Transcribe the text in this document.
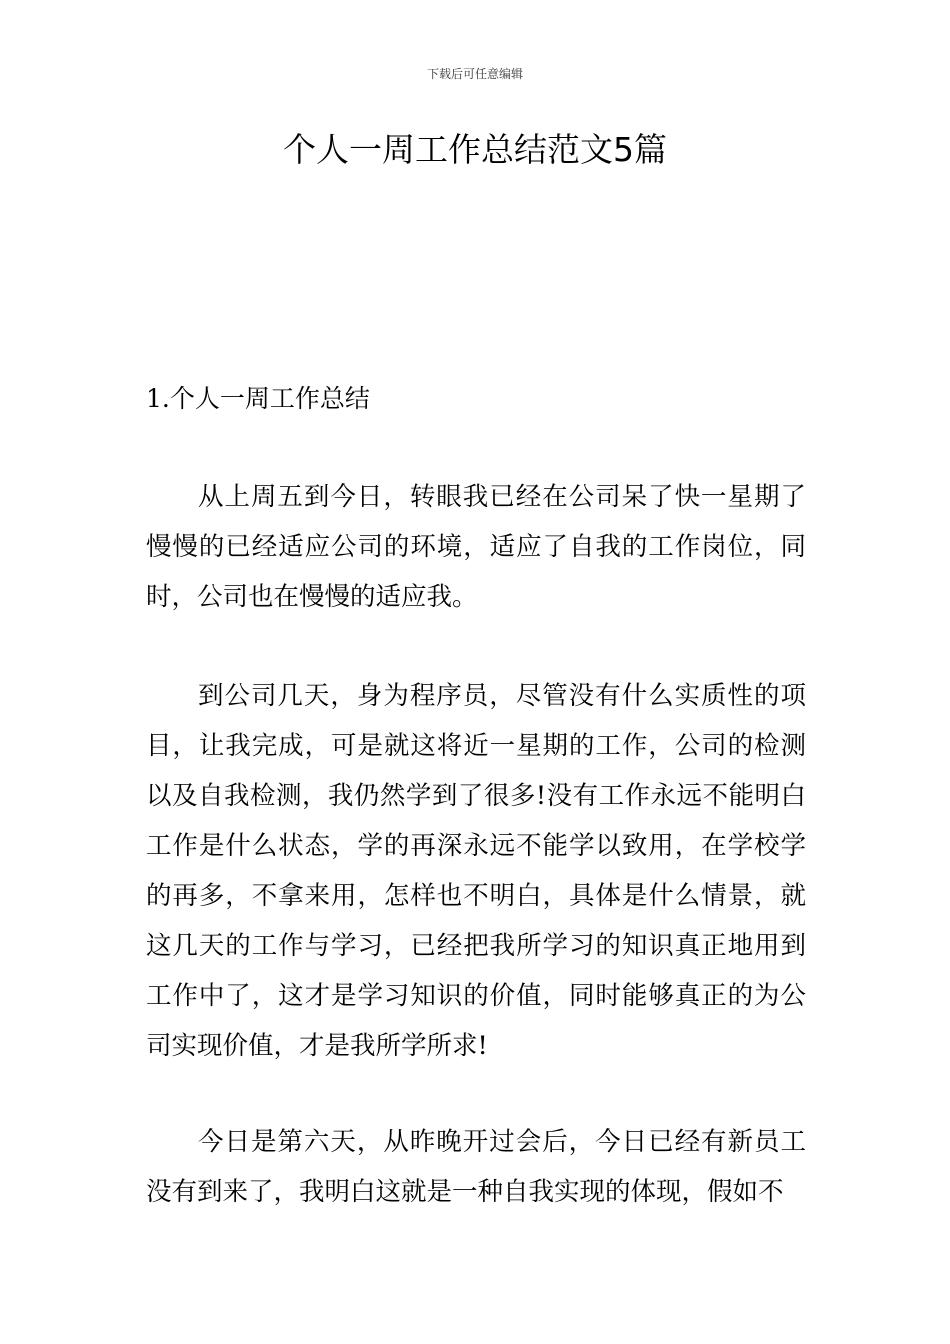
下载后可任意编辑
个人一周工作总结范文5篇
1.个人一周工作总结

从上周五到今日，转眼我已经在公司呆了快一星期了慢慢的已经适应公司的环境，适应了自我的工作岗位，同时，公司也在慢慢的适应我。

到公司几天，身为程序员，尽管没有什么实质性的项目，让我完成，可是就这将近一星期的工作，公司的检测以及自我检测，我仍然学到了很多!没有工作永远不能明白工作是什么状态，学的再深永远不能学以致用，在学校学的再多，不拿来用，怎样也不明白，具体是什么情景，就这几天的工作与学习，已经把我所学习的知识真正地用到工作中了，这才是学习知识的价值，同时能够真正的为公司实现价值，才是我所学所求!

今日是第六天，从昨晚开过会后，今日已经有新员工没有到来了，我明白这就是一种自我实现的体现，假如不
